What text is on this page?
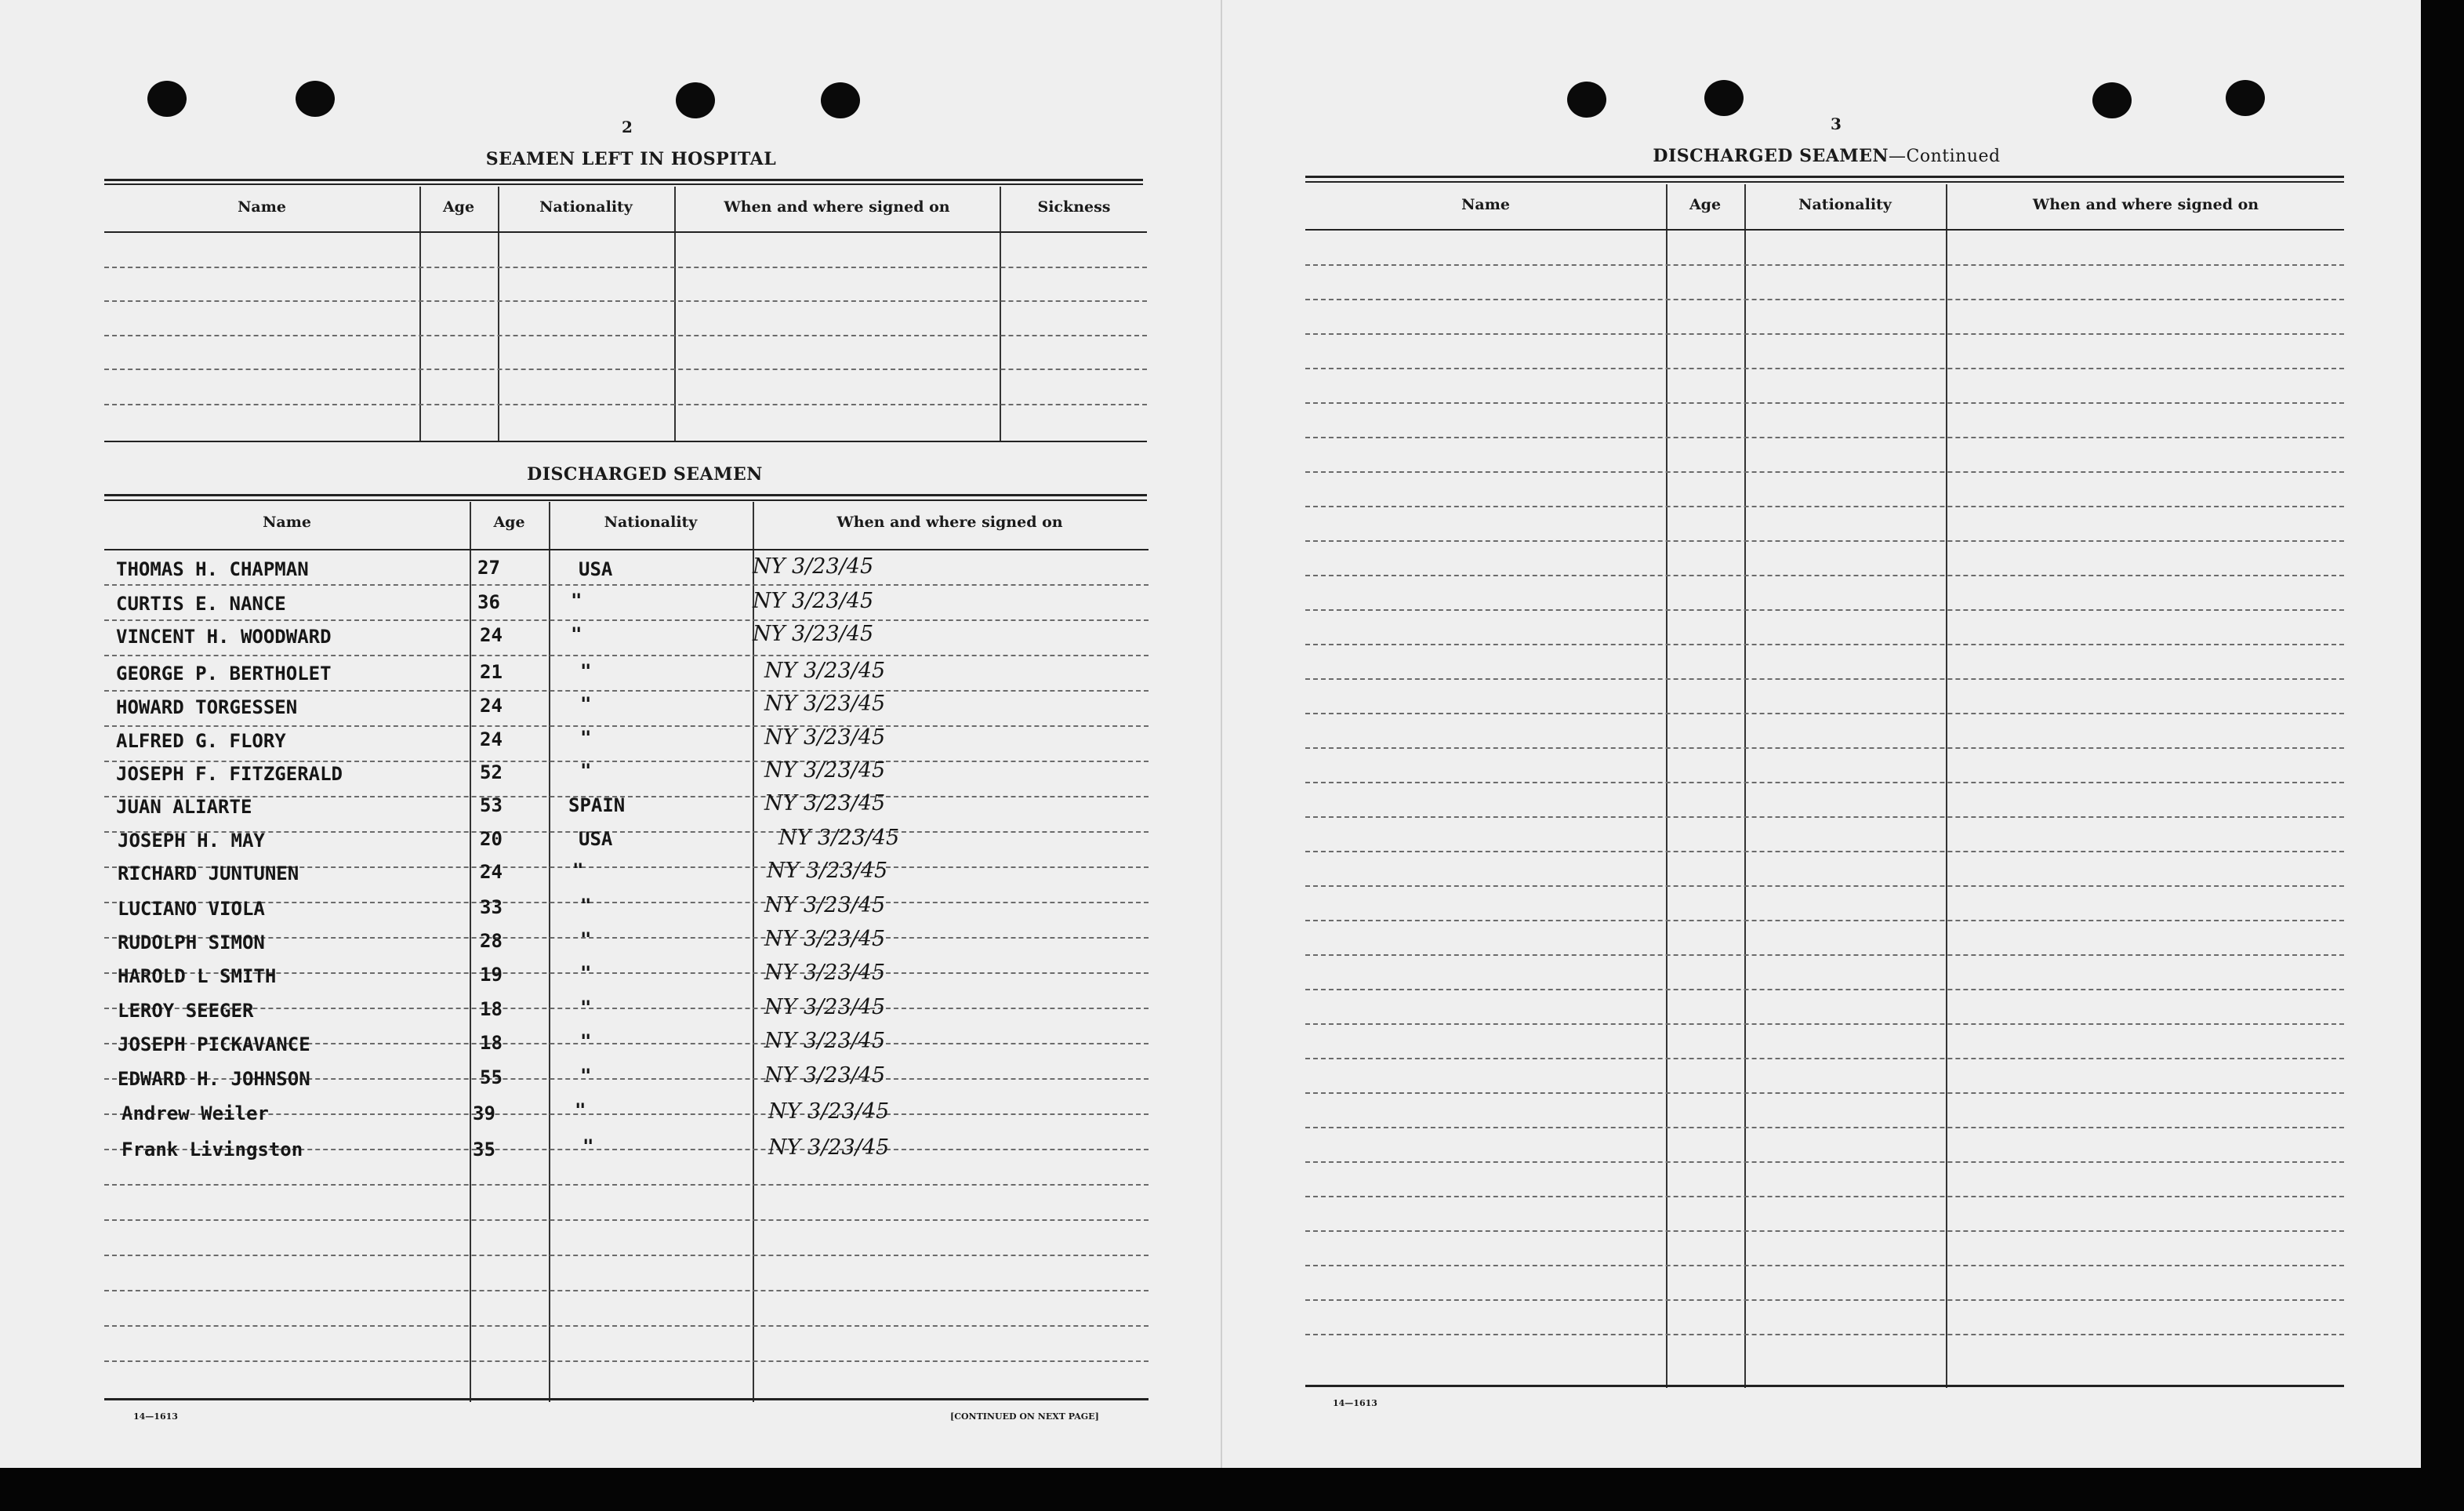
2
SEAMEN LEFT IN HOSPITAL
Name	Age	Nationality	When and where signed on	Sickness
DISCHARGED SEAMEN
Name	Age	Nationality	When and where signed on
THOMAS H. CHAPMAN	27	USA	NY 3/23/45
CURTIS E. NANCE	36	"	NY 3/23/45
VINCENT H. WOODWARD	24	"	NY 3/23/45
GEORGE P. BERTHOLET	21	"	NY 3/23/45
HOWARD TORGESSEN	24	"	NY 3/23/45
ALFRED G. FLORY	24	"	NY 3/23/45
JOSEPH F. FITZGERALD	52	"	NY 3/23/45
JUAN ALIARTE	53	SPAIN	NY 3/23/45
JOSEPH H. MAY	20	USA	NY 3/23/45
RICHARD JUNTUNEN	24	"	NY 3/23/45
LUCIANO VIOLA	33	"	NY 3/23/45
RUDOLPH SIMON	28	"	NY 3/23/45
HAROLD L SMITH	19	"	NY 3/23/45
LEROY SEEGER	18	"	NY 3/23/45
JOSEPH PICKAVANCE	18	"	NY 3/23/45
EDWARD H. JOHNSON	55	"	NY 3/23/45
Andrew Weiler	39	"	NY 3/23/45
Frank Livingston	35	"	NY 3/23/45
14—1613	[CONTINUED ON NEXT PAGE]
3
DISCHARGED SEAMEN—Continued
Name	Age	Nationality	When and where signed on
14—1613
